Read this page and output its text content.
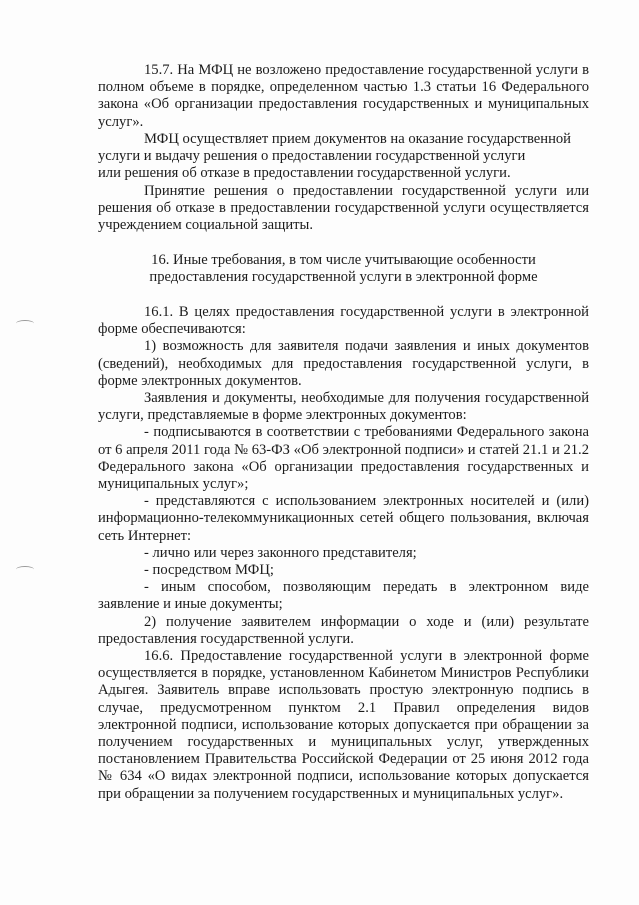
15.7. На МФЦ не возложено предоставление государственной услуги в полном объеме в порядке, определенном частью 1.3 статьи 16 Федерального закона «Об организации предоставления государственных и муниципальных услуг».

МФЦ осуществляет прием документов на оказание государственной услуги и выдачу решения о предоставлении государственной услуги

или решения об отказе в предоставлении государственной услуги.

Принятие решения о предоставлении государственной услуги или решения об отказе в предоставлении государственной услуги осуществляется учреждением социальной защиты.

16. Иные требования, в том числе учитывающие особенности

предоставления государственной услуги в электронной форме

16.1. В целях предоставления государственной услуги в электронной форме обеспечиваются:

1) возможность для заявителя подачи заявления и иных документов (сведений), необходимых для предоставления государственной услуги, в форме электронных документов.

Заявления и документы, необходимые для получения государственной услуги, представляемые в форме электронных документов:

- подписываются в соответствии с требованиями Федерального закона от 6 апреля 2011 года № 63-ФЗ «Об электронной подписи» и статей 21.1 и 21.2 Федерального закона «Об организации предоставления государственных и муниципальных услуг»;

- представляются с использованием электронных носителей и (или) информационно-телекоммуникационных сетей общего пользования, включая сеть Интернет:

- лично или через законного представителя;

- посредством МФЦ;

- иным способом, позволяющим передать в электронном виде заявление и иные документы;

2) получение заявителем информации о ходе и (или) результате предоставления государственной услуги.

16.6. Предоставление государственной услуги в электронной форме осуществляется в порядке, установленном Кабинетом Министров Республики Адыгея. Заявитель вправе использовать простую электронную подпись в случае, предусмотренном пунктом 2.1 Правил определения видов электронной подписи, использование которых допускается при обращении за получением государственных и муниципальных услуг, утвержденных постановлением Правительства Российской Федерации от 25 июня 2012 года № 634 «О видах электронной подписи, использование которых допускается при обращении за получением государственных и муниципальных услуг».
